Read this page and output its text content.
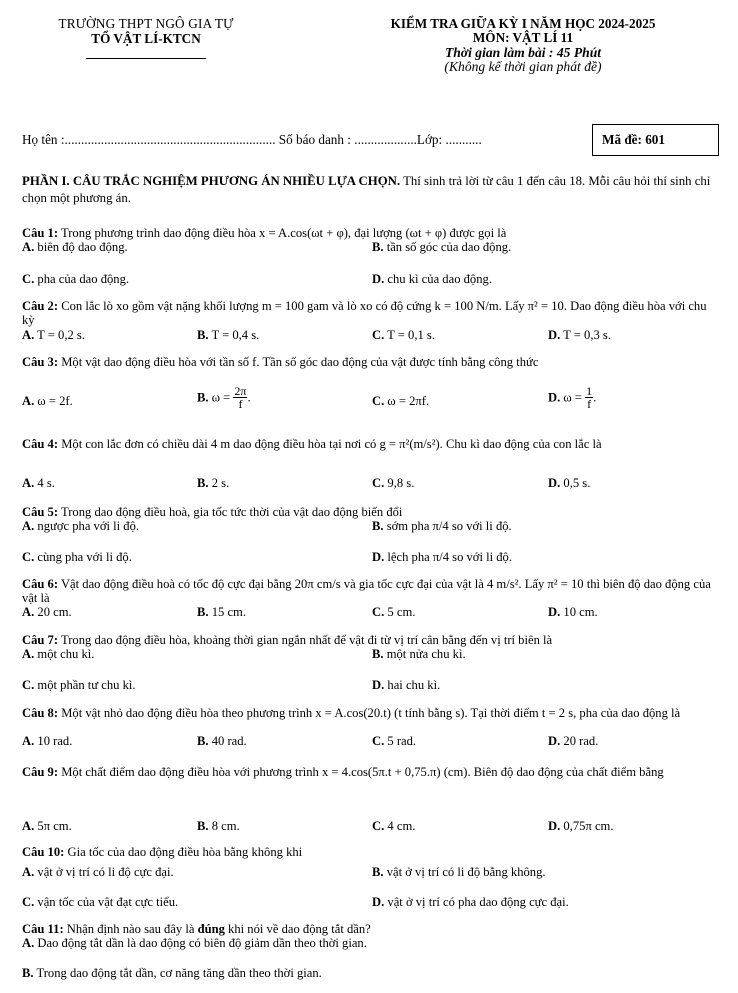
TRƯỜNG THPT NGÔ GIA TỰ
TỔ VẬT LÍ-KTCN
KIỂM TRA GIỮA KỲ I NĂM HỌC 2024-2025
MÔN: VẬT LÍ 11
Thời gian làm bài : 45 Phút
(Không kể thời gian phát đề)
Họ tên :................................................................ Số báo danh : ...................Lớp: ...........	Mã đề: 601
PHẦN I. CÂU TRẮC NGHIỆM PHƯƠNG ÁN NHIỀU LỰA CHỌN. Thí sinh trả lời từ câu 1 đến câu 18. Mỗi câu hỏi thí sinh chỉ chọn một phương án.
Câu 1: Trong phương trình dao động điều hòa x = A.cos(ωt + φ), đại lượng (ωt + φ) được gọi là
A. biên độ dao động.	B. tần số góc của dao động.
C. pha của dao động.	D. chu kì của dao động.
Câu 2: Con lắc lò xo gồm vật nặng khối lượng m = 100 gam và lò xo có độ cứng k = 100 N/m. Lấy π² = 10. Dao động điều hòa với chu kỳ
A. T = 0,2 s.	B. T = 0,4 s.	C. T = 0,1 s.	D. T = 0,3 s.
Câu 3: Một vật dao động điều hòa với tần số f. Tần số góc dao động của vật được tính bằng công thức
A. ω = 2f.	B. $\omega = \frac{2\pi}{f}$ .	C. ω = 2πf.	D. $\omega = \frac{1}{f}$ .
Câu 4: Một con lắc đơn có chiều dài 4 m dao động điều hòa tại nơi có g = π²(m/s²). Chu kì dao động của con lắc là
A. 4 s.	B. 2 s.	C. 9,8 s.	D. 0,5 s.
Câu 5: Trong dao động điều hoà, gia tốc tức thời của vật dao động biến đổi
A. ngược pha với li độ.	B. sớm pha π/4 so với li độ.
C. cùng pha với li độ.	D. lệch pha π/4 so với li độ.
Câu 6: Vật dao động điều hoà có tốc độ cực đại bằng 20π cm/s và gia tốc cực đại của vật là 4 m/s². Lấy π² = 10 thì biên độ dao động của vật là
A. 20 cm.	B. 15 cm.	C. 5 cm.	D. 10 cm.
Câu 7: Trong dao động điều hòa, khoảng thời gian ngắn nhất để vật đi từ vị trí cân bằng đến vị trí biên là
A. một chu kì.	B. một nửa chu kì.
C. một phần tư chu kì.	D. hai chu kì.
Câu 8: Một vật nhỏ dao động điều hòa theo phương trình x = A.cos(20.t) (t tính bằng s). Tại thời điểm t = 2 s, pha của dao động là
A. 10 rad.	B. 40 rad.	C. 5 rad.	D. 20 rad.
Câu 9: Một chất điểm dao động điều hòa với phương trình x = 4.cos(5π.t + 0,75.π) (cm). Biên độ dao động của chất điểm bằng
A. 5π cm.	B. 8 cm.	C. 4 cm.	D. 0,75π cm.
Câu 10: Gia tốc của dao động điều hòa bằng không khi
A. vật ở vị trí có li độ cực đại.	B. vật ở vị trí có li độ bằng không.
C. vận tốc của vật đạt cực tiểu.	D. vật ở vị trí có pha dao động cực đại.
Câu 11: Nhận định nào sau đây là đúng khi nói về dao động tắt dần?
A. Dao động tắt dần là dao động có biên độ giảm dần theo thời gian.
B. Trong dao động tắt dần, cơ năng tăng dần theo thời gian.
